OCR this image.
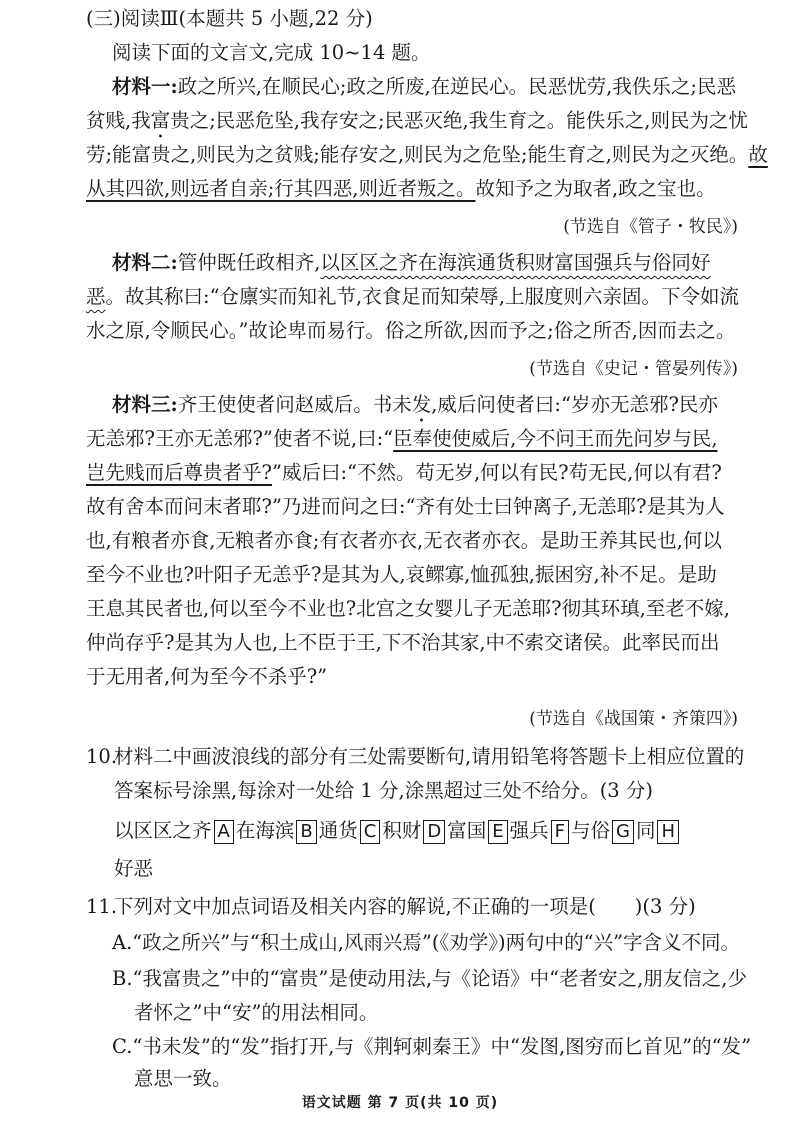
(三)阅读Ⅲ(本题共 5 小题,22 分)
阅读下面的文言文,完成 10~14 题。
材料一:政之所兴,在顺民心;政之所废,在逆民心。民恶忧劳,我佚乐之;民恶
贫贱,我富贵之;民恶危坠,我存安之;民恶灭绝,我生育之。能佚乐之,则民为之忧
劳;能富贵之,则民为之贫贱;能存安之,则民为之危坠;能生育之,则民为之灭绝。故
从其四欲,则远者自亲;行其四恶,则近者叛之。故知予之为取者,政之宝也。
(节选自《管子・牧民》)
材料二:管仲既任政相齐,以区区之齐在海滨通货积财富国强兵与俗同好
恶。故其称曰:“仓廪实而知礼节,衣食足而知荣辱,上服度则六亲固。下令如流
水之原,令顺民心。”故论卑而易行。俗之所欲,因而予之;俗之所否,因而去之。
(节选自《史记・管晏列传》)
材料三:齐王使使者问赵威后。书未发,威后问使者曰:“岁亦无恙邪?民亦
无恙邪?王亦无恙邪?”使者不说,曰:“臣奉使使威后,今不问王而先问岁与民,
岂先贱而后尊贵者乎?”威后曰:“不然。苟无岁,何以有民?苟无民,何以有君?
故有舍本而问末者耶?”乃进而问之曰:“齐有处士曰钟离子,无恙耶?是其为人
也,有粮者亦食,无粮者亦食;有衣者亦衣,无衣者亦衣。是助王养其民也,何以
至今不业也?叶阳子无恙乎?是其为人,哀鳏寡,恤孤独,振困穷,补不足。是助
王息其民者也,何以至今不业也?北宫之女婴儿子无恙耶?彻其环瑱,至老不嫁,
仲尚存乎?是其为人也,上不臣于王,下不治其家,中不索交诸侯。此率民而出
于无用者,何为至今不杀乎?”
(节选自《战国策・齐策四》)
10.
材料二中画波浪线的部分有三处需要断句,请用铅笔将答题卡上相应位置的
答案标号涂黑,每涂对一处给 1 分,涂黑超过三处不给分。(3 分)
以区区之齐 A 在海滨 B 通货 C 积财 D 富国 E 强兵 F 与俗 G 同 H
好恶
11.
下列对文中加点词语及相关内容的解说,不正确的一项是(　　)(3 分)
A.“政之所兴”与“积土成山,风雨兴焉”(《劝学》)两句中的“兴”字含义不同。
B.“我富贵之”中的“富贵”是使动用法,与《论语》中“老者安之,朋友信之,少
者怀之”中“安”的用法相同。
C.“书未发”的“发”指打开,与《荆轲刺秦王》中“发图,图穷而匕首见”的“发”
意思一致。
语文试题 第 7 页(共 10 页)
